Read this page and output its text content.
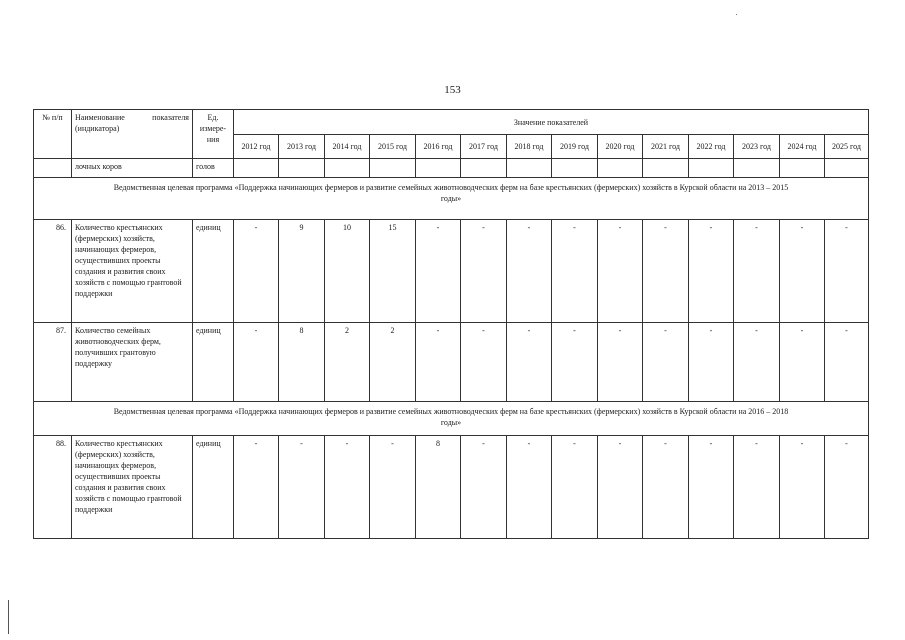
153
№ п/п	Наименование показателя (индикатора)	Ед. измере-ния	Значение показателей													
			2012 год	2013 год	2014 год	2015 год	2016 год	2017 год	2018 год	2019 год	2020 год	2021 год	2022 год	2023 год	2024 год	2025 год
	лочных коров	голов														
Ведомственная целевая программа «Поддержка начинающих фермеров и развитие семейных животноводческих ферм на базе крестьянских (фермерских) хозяйств в Курской области на 2013 – 2015 годы»																
86.	Количество крестьянских (фермерских) хозяйств, начинающих фермеров, осуществивших проекты создания и развития своих хозяйств с помощью грантовой поддержки	единиц	-	9	10	15	-	-	-	-	-	-	-	-	-	-
87.	Количество семейных животноводческих ферм, получивших грантовую поддержку	единиц	-	8	2	2	-	-	-	-	-	-	-	-	-	-
Ведомственная целевая программа «Поддержка начинающих фермеров и развитие семейных животноводческих ферм на базе крестьянских (фермерских) хозяйств в Курской области на 2016 – 2018 годы»																
88.	Количество крестьянских (фермерских) хозяйств, начинающих фермеров, осуществивших проекты создания и развития своих хозяйств с помощью грантовой поддержки	единиц	-	-	-	-	8	-	-	-	-	-	-	-	-	-
